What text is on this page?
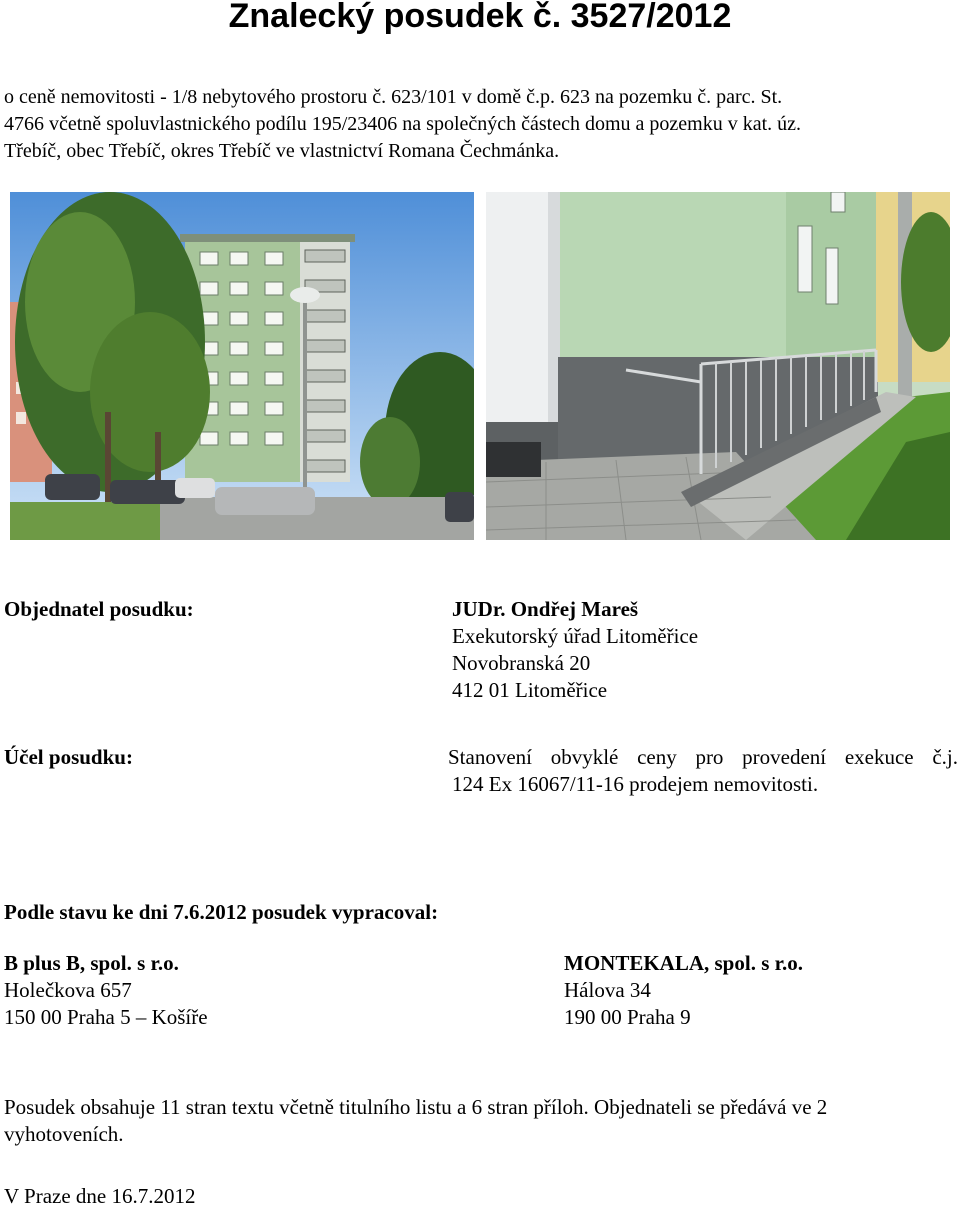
Znalecký posudek č. 3527/2012
o ceně nemovitosti - 1/8 nebytového prostoru č. 623/101 v domě č.p. 623 na pozemku č. parc. St.
4766 včetně spoluvlastnického podílu 195/23406 na společných částech domu a pozemku v kat. úz.
Třebíč, obec Třebíč, okres Třebíč ve vlastnictví Romana Čechmánka.
Objednatel posudku:	JUDr. Ondřej Mareš
Exekutorský úřad Litoměřice
Novobranská 20
412 01 Litoměřice
Účel posudku:	Stanovení obvyklé ceny pro provedení exekuce č.j.
124 Ex 16067/11-16 prodejem nemovitosti.
Podle stavu ke dni 7.6.2012 posudek vypracoval:
B plus B, spol. s r.o.
Holečkova 657
150 00 Praha 5 – Košíře
MONTEKALA, spol. s r.o.
Hálova 34
190 00 Praha 9
Posudek obsahuje 11 stran textu včetně titulního listu a 6 stran příloh. Objednateli se předává ve 2
vyhotoveních.
V Praze dne 16.7.2012
